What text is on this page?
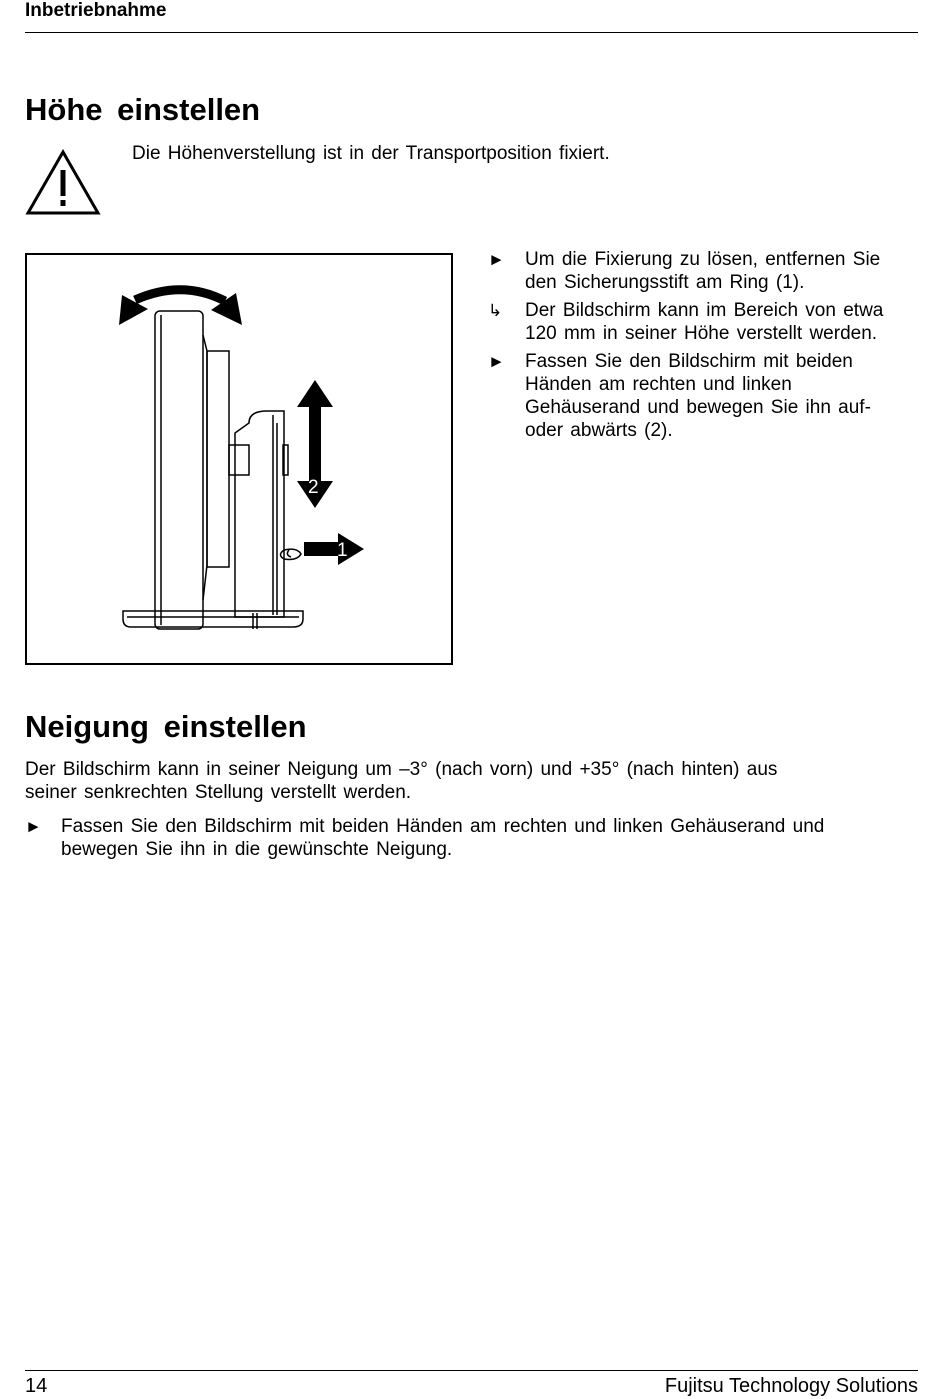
Inbetriebnahme
Höhe einstellen
Die Höhenverstellung ist in der Transportposition fixiert.
2
1
► Um die Fixierung zu lösen, entfernen Sie den Sicherungsstift am Ring (1).
↳ Der Bildschirm kann im Bereich von etwa 120 mm in seiner Höhe verstellt werden.
► Fassen Sie den Bildschirm mit beiden Händen am rechten und linken Gehäuserand und bewegen Sie ihn auf- oder abwärts (2).
Neigung einstellen
Der Bildschirm kann in seiner Neigung um –3° (nach vorn) und +35° (nach hinten) aus seiner senkrechten Stellung verstellt werden.
► Fassen Sie den Bildschirm mit beiden Händen am rechten und linken Gehäuserand und bewegen Sie ihn in die gewünschte Neigung.
14	Fujitsu Technology Solutions
